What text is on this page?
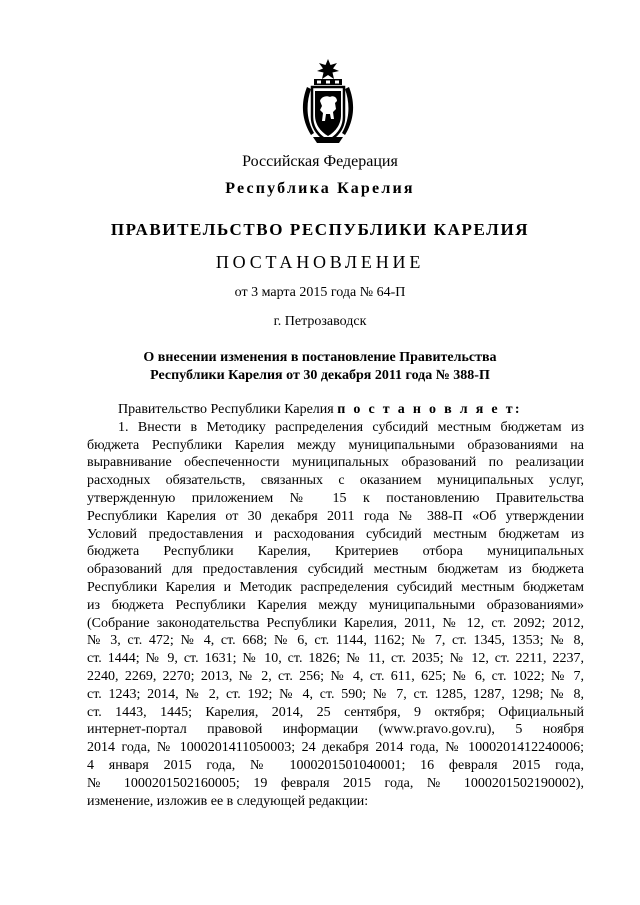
Российская Федерация
Республика Карелия
ПРАВИТЕЛЬСТВО РЕСПУБЛИКИ КАРЕЛИЯ
ПОСТАНОВЛЕНИЕ
от 3 марта 2015 года № 64-П
г. Петрозаводск
О внесении изменения в постановление Правительства
Республики Карелия от 30 декабря 2011 года № 388-П
Правительство Республики Карелия п о с т а н о в л я е т:
1. Внести в Методику распределения субсидий местным бюджетам из
бюджета Республики Карелия между муниципальными образованиями на
выравнивание обеспеченности муниципальных образований по реализации
расходных обязательств, связанных с оказанием муниципальных услуг,
утвержденную приложением № 15 к постановлению Правительства
Республики Карелия от 30 декабря 2011 года № 388-П «Об утверждении
Условий предоставления и расходования субсидий местным бюджетам из
бюджета Республики Карелия, Критериев отбора муниципальных
образований для предоставления субсидий местным бюджетам из бюджета
Республики Карелия и Методик распределения субсидий местным бюджетам
из бюджета Республики Карелия между муниципальными образованиями»
(Собрание законодательства Республики Карелия, 2011, № 12, ст. 2092; 2012,
№ 3, ст. 472; № 4, ст. 668; № 6, ст. 1144, 1162; № 7, ст. 1345, 1353; № 8,
ст. 1444; № 9, ст. 1631; № 10, ст. 1826; № 11, ст. 2035; № 12, ст. 2211, 2237,
2240, 2269, 2270; 2013, № 2, ст. 256; № 4, ст. 611, 625; № 6, ст. 1022; № 7,
ст. 1243; 2014, № 2, ст. 192; № 4, ст. 590; № 7, ст. 1285, 1287, 1298; № 8,
ст. 1443, 1445; Карелия, 2014, 25 сентября, 9 октября; Официальный
интернет-портал правовой информации (www.pravo.gov.ru), 5 ноября
2014 года, № 1000201411050003; 24 декабря 2014 года, № 1000201412240006;
4 января 2015 года, № 1000201501040001; 16 февраля 2015 года,
№ 1000201502160005; 19 февраля 2015 года, № 1000201502190002),
изменение, изложив ее в следующей редакции:
